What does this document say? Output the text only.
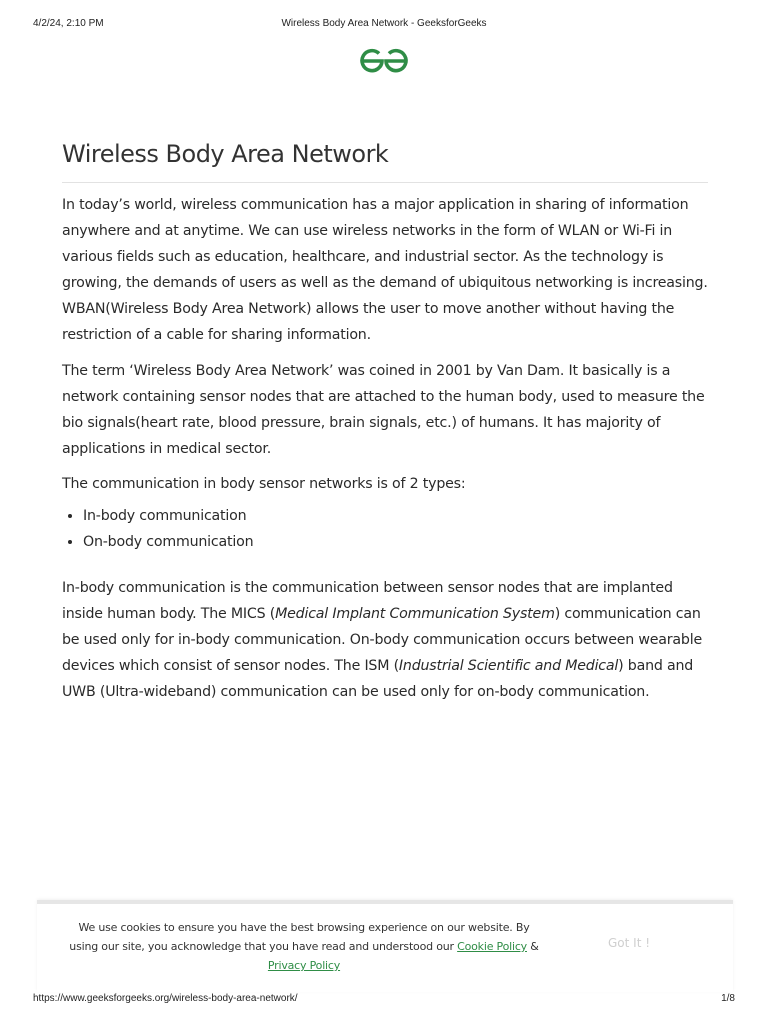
4/2/24, 2:10 PM	Wireless Body Area Network - GeeksforGeeks
Wireless Body Area Network

In today’s world, wireless communication has a major application in sharing of information anywhere and at anytime. We can use wireless networks in the form of WLAN or Wi-Fi in various fields such as education, healthcare, and industrial sector. As the technology is growing, the demands of users as well as the demand of ubiquitous networking is increasing. WBAN(Wireless Body Area Network) allows the user to move another without having the restriction of a cable for sharing information.

The term ‘Wireless Body Area Network’ was coined in 2001 by Van Dam. It basically is a network containing sensor nodes that are attached to the human body, used to measure the bio signals(heart rate, blood pressure, brain signals, etc.) of humans. It has majority of applications in medical sector.

The communication in body sensor networks is of 2 types:

• In-body communication
• On-body communication

In-body communication is the communication between sensor nodes that are implanted inside human body. The MICS (Medical Implant Communication System) communication can be used only for in-body communication. On-body communication occurs between wearable devices which consist of sensor nodes. The ISM (Industrial Scientific and Medical) band and UWB (Ultra-wideband) communication can be used only for on-body communication.

We use cookies to ensure you have the best browsing experience on our website. By using our site, you acknowledge that you have read and understood our Cookie Policy & Privacy Policy
Got It !
https://www.geeksforgeeks.org/wireless-body-area-network/	1/8
